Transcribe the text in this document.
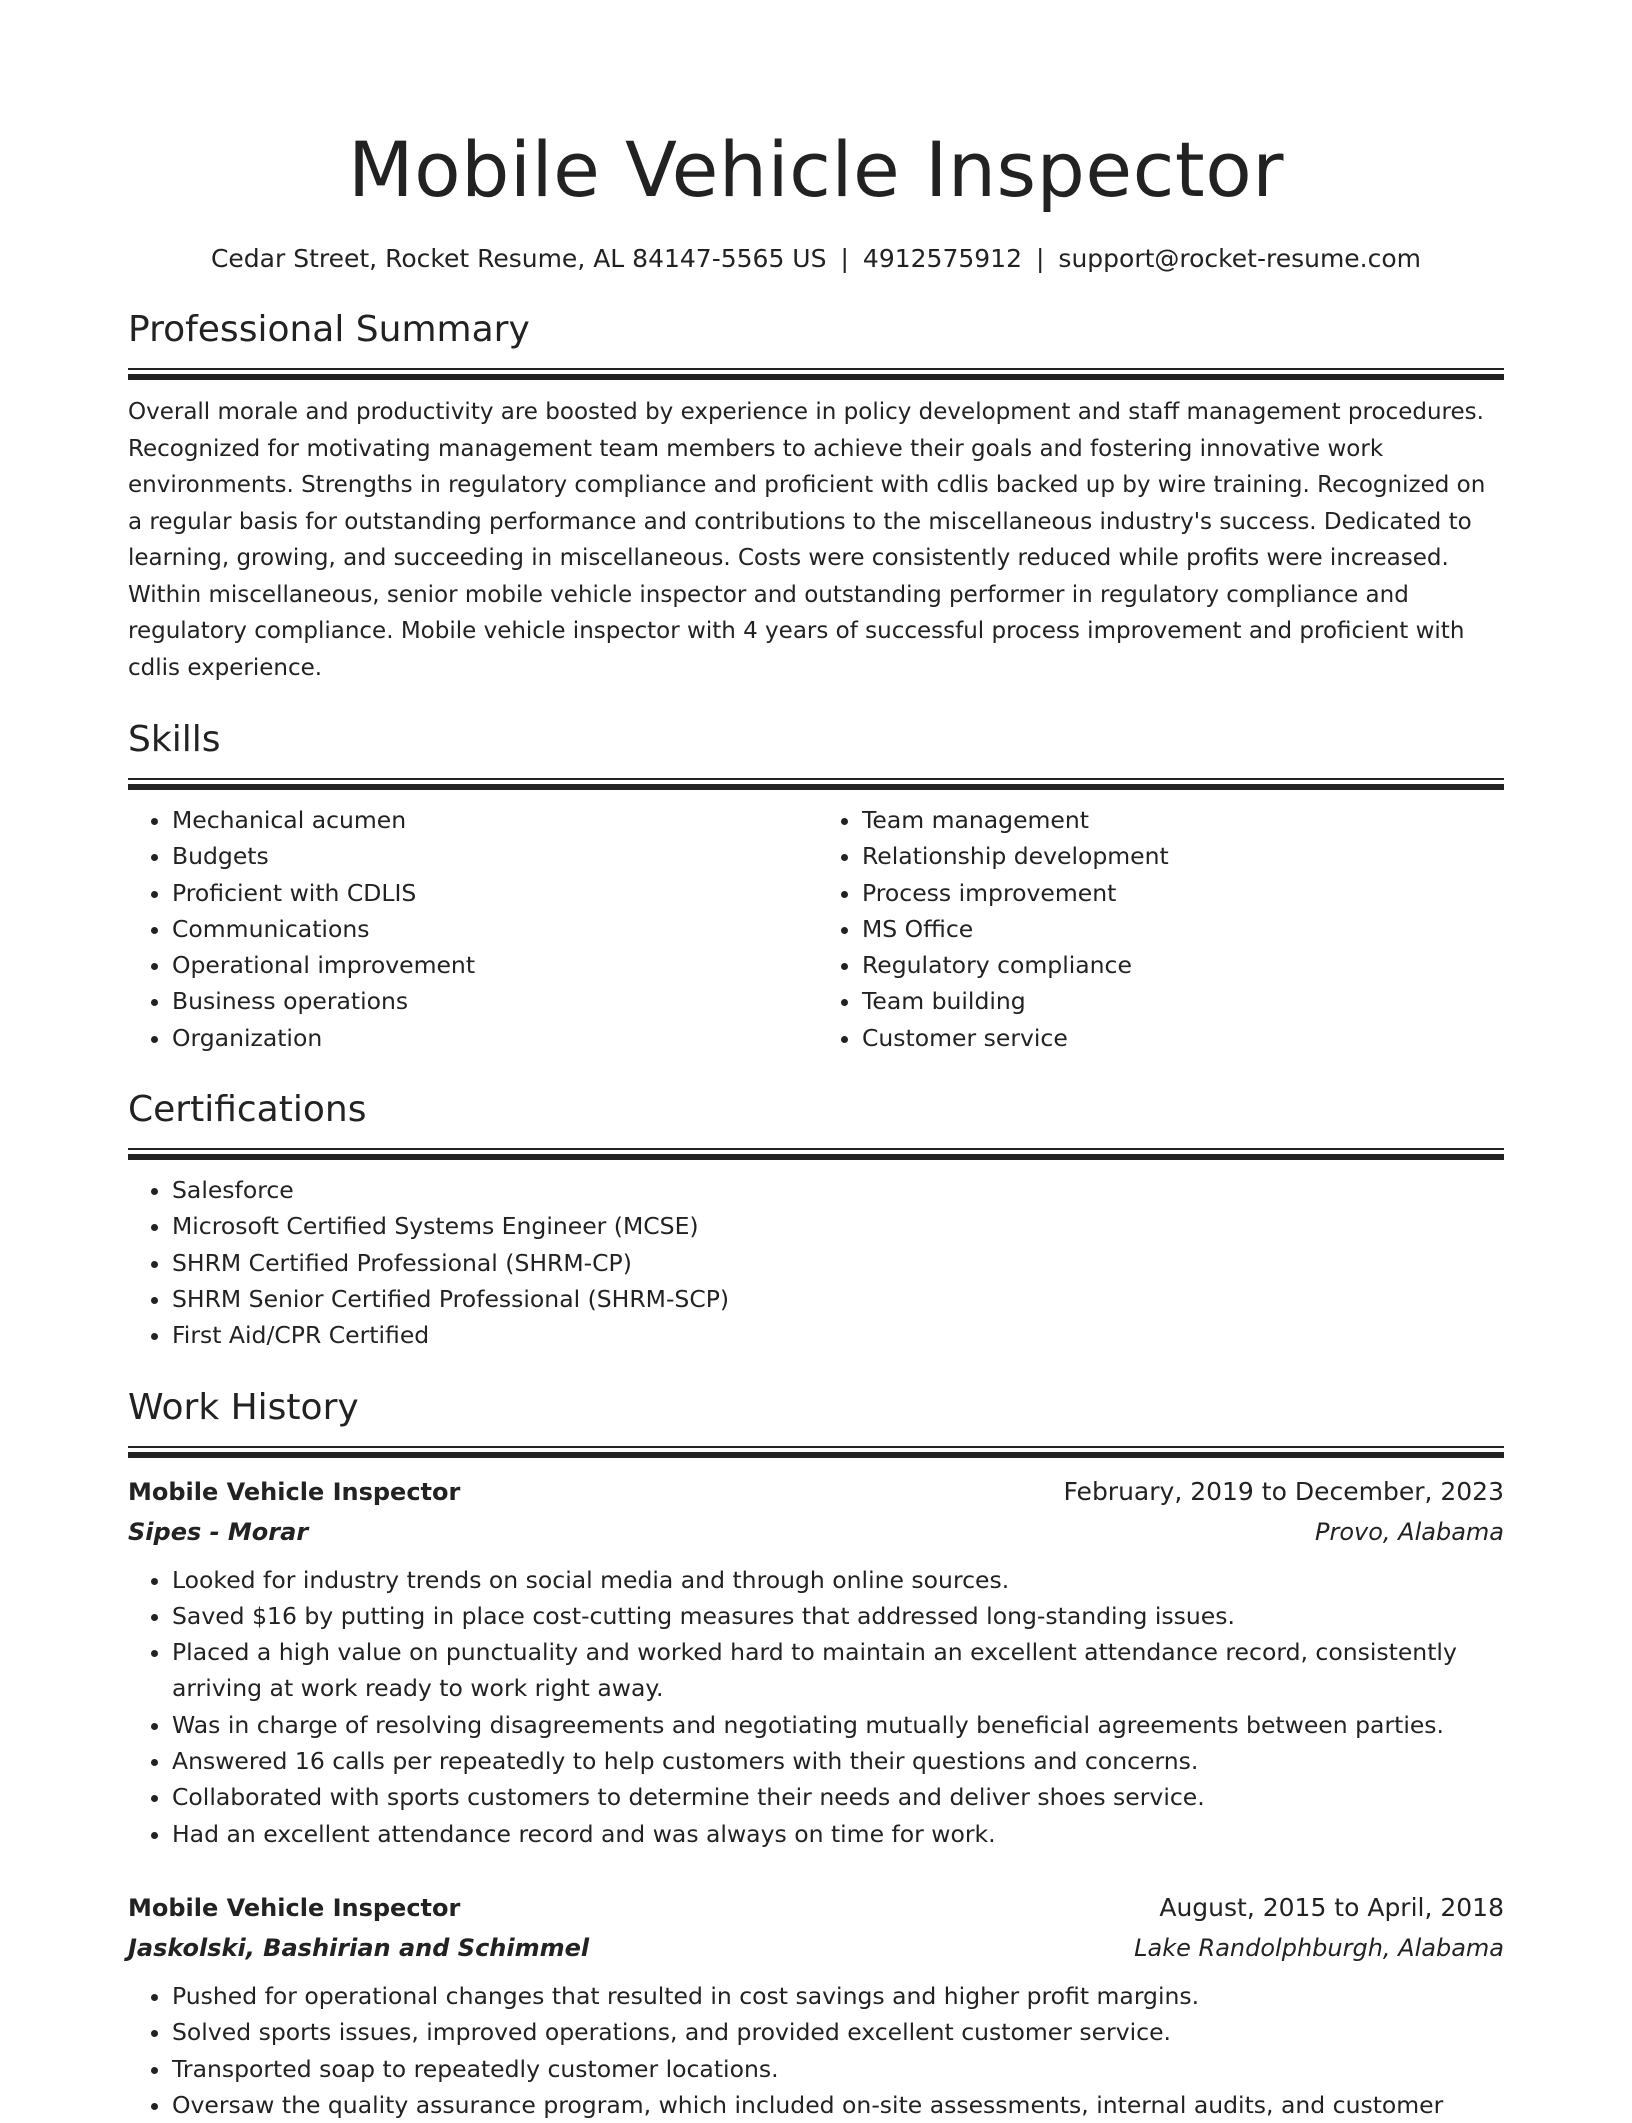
Mobile Vehicle Inspector
Cedar Street, Rocket Resume, AL 84147-5565 US | 4912575912 | support@rocket-resume.com
Professional Summary
Overall morale and productivity are boosted by experience in policy development and staff management procedures. Recognized for motivating management team members to achieve their goals and fostering innovative work environments. Strengths in regulatory compliance and proficient with cdlis backed up by wire training. Recognized on a regular basis for outstanding performance and contributions to the miscellaneous industry's success. Dedicated to learning, growing, and succeeding in miscellaneous. Costs were consistently reduced while profits were increased. Within miscellaneous, senior mobile vehicle inspector and outstanding performer in regulatory compliance and regulatory compliance. Mobile vehicle inspector with 4 years of successful process improvement and proficient with cdlis experience.
Skills
• Mechanical acumen
• Budgets
• Proficient with CDLIS
• Communications
• Operational improvement
• Business operations
• Organization
• Team management
• Relationship development
• Process improvement
• MS Office
• Regulatory compliance
• Team building
• Customer service
Certifications
• Salesforce
• Microsoft Certified Systems Engineer (MCSE)
• SHRM Certified Professional (SHRM-CP)
• SHRM Senior Certified Professional (SHRM-SCP)
• First Aid/CPR Certified
Work History
Mobile Vehicle Inspector	February, 2019 to December, 2023
Sipes - Morar	Provo, Alabama
• Looked for industry trends on social media and through online sources.
• Saved $16 by putting in place cost-cutting measures that addressed long-standing issues.
• Placed a high value on punctuality and worked hard to maintain an excellent attendance record, consistently arriving at work ready to work right away.
• Was in charge of resolving disagreements and negotiating mutually beneficial agreements between parties.
• Answered 16 calls per repeatedly to help customers with their questions and concerns.
• Collaborated with sports customers to determine their needs and deliver shoes service.
• Had an excellent attendance record and was always on time for work.
Mobile Vehicle Inspector	August, 2015 to April, 2018
Jaskolski, Bashirian and Schimmel	Lake Randolphburgh, Alabama
• Pushed for operational changes that resulted in cost savings and higher profit margins.
• Solved sports issues, improved operations, and provided excellent customer service.
• Transported soap to repeatedly customer locations.
• Oversaw the quality assurance program, which included on-site assessments, internal audits, and customer
